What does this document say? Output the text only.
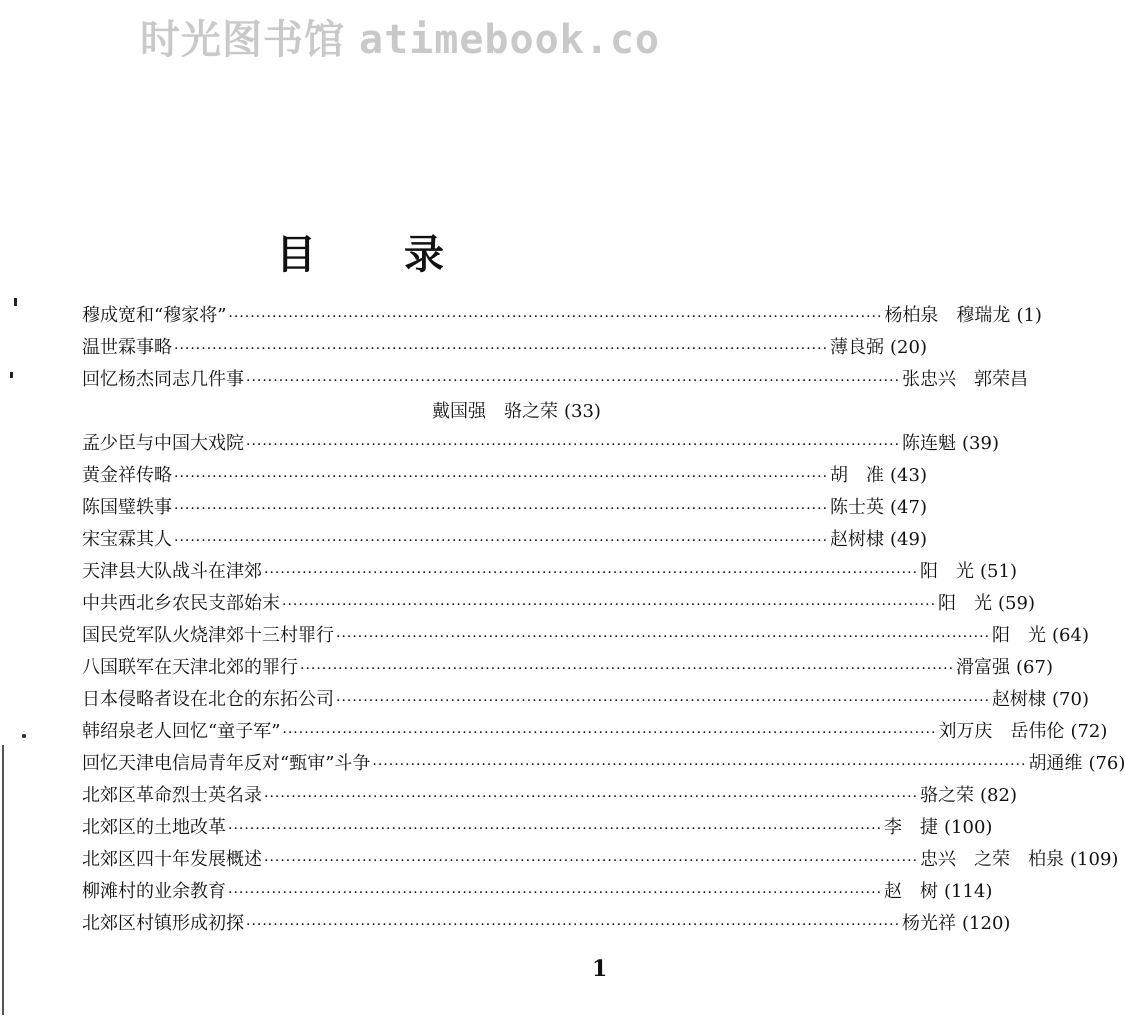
时光图书馆 atimebook.co
目录
穆成宽和“穆家将” ························································································································ 杨柏泉　穆瑞龙 (1)
温世霖事略 ························································································································ 薄良弼 (20)
回忆杨杰同志几件事 ························································································································ 张忠兴　郭荣昌
戴国强　骆之荣 (33)
孟少臣与中国大戏院 ························································································································ 陈连魁 (39)
黄金祥传略 ························································································································ 胡　准 (43)
陈国璧轶事 ························································································································ 陈士英 (47)
宋宝霖其人 ························································································································ 赵树棣 (49)
天津县大队战斗在津郊 ························································································································ 阳　光 (51)
中共西北乡农民支部始末 ························································································································ 阳　光 (59)
国民党军队火烧津郊十三村罪行 ························································································································ 阳　光 (64)
八国联军在天津北郊的罪行 ························································································································ 滑富强 (67)
日本侵略者设在北仓的东拓公司 ························································································································ 赵树棣 (70)
韩绍泉老人回忆“童子军” ························································································································ 刘万庆　岳伟伦 (72)
回忆天津电信局青年反对“甄审”斗争 ························································································································ 胡通维 (76)
北郊区革命烈士英名录 ························································································································ 骆之荣 (82)
北郊区的土地改革 ························································································································ 李　捷 (100)
北郊区四十年发展概述 ························································································································ 忠兴　之荣　柏泉 (109)
柳滩村的业余教育 ························································································································ 赵　树 (114)
北郊区村镇形成初探 ························································································································ 杨光祥 (120)
1
